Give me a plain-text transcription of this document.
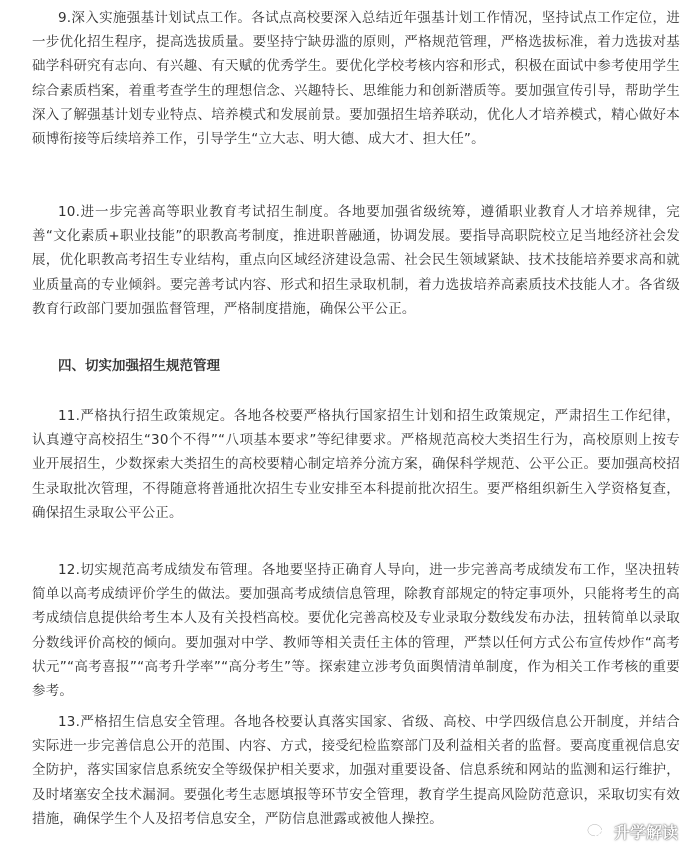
9.深入实施强基计划试点工作。各试点高校要深入总结近年强基计划工作情况，坚持试点工作定位，进一步优化招生程序，提高选拔质量。要坚持宁缺毋滥的原则，严格规范管理，严格选拔标准，着力选拔对基础学科研究有志向、有兴趣、有天赋的优秀学生。要优化学校考核内容和形式，积极在面试中参考使用学生综合素质档案，着重考查学生的理想信念、兴趣特长、思维能力和创新潜质等。要加强宣传引导，帮助学生深入了解强基计划专业特点、培养模式和发展前景。要加强招生培养联动，优化人才培养模式，精心做好本硕博衔接等后续培养工作，引导学生“立大志、明大德、成大才、担大任”。

10.进一步完善高等职业教育考试招生制度。各地要加强省级统筹，遵循职业教育人才培养规律，完善“文化素质+职业技能”的职教高考制度，推进职普融通，协调发展。要指导高职院校立足当地经济社会发展，优化职教高考招生专业结构，重点向区域经济建设急需、社会民生领域紧缺、技术技能培养要求高和就业质量高的专业倾斜。要完善考试内容、形式和招生录取机制，着力选拔培养高素质技术技能人才。各省级教育行政部门要加强监督管理，严格制度措施，确保公平公正。

四、切实加强招生规范管理

11.严格执行招生政策规定。各地各校要严格执行国家招生计划和招生政策规定，严肃招生工作纪律，认真遵守高校招生“30个不得”“八项基本要求”等纪律要求。严格规范高校大类招生行为，高校原则上按专业开展招生，少数探索大类招生的高校要精心制定培养分流方案，确保科学规范、公平公正。要加强高校招生录取批次管理，不得随意将普通批次招生专业安排至本科提前批次招生。要严格组织新生入学资格复查，确保招生录取公平公正。

12.切实规范高考成绩发布管理。各地要坚持正确育人导向，进一步完善高考成绩发布工作，坚决扭转简单以高考成绩评价学生的做法。要加强高考成绩信息管理，除教育部规定的特定事项外，只能将考生的高考成绩信息提供给考生本人及有关投档高校。要优化完善高校及专业录取分数线发布办法，扭转简单以录取分数线评价高校的倾向。要加强对中学、教师等相关责任主体的管理，严禁以任何方式公布宣传炒作“高考状元”“高考喜报”“高考升学率”“高分考生”等。探索建立涉考负面舆情清单制度，作为相关工作考核的重要参考。

13.严格招生信息安全管理。各地各校要认真落实国家、省级、高校、中学四级信息公开制度，并结合实际进一步完善信息公开的范围、内容、方式，接受纪检监察部门及利益相关者的监督。要高度重视信息安全防护，落实国家信息系统安全等级保护相关要求，加强对重要设备、信息系统和网站的监测和运行维护，及时堵塞安全技术漏洞。要强化考生志愿填报等环节安全管理，教育学生提高风险防范意识，采取切实有效措施，确保学生个人及招考信息安全，严防信息泄露或被他人操控。

升学解读
